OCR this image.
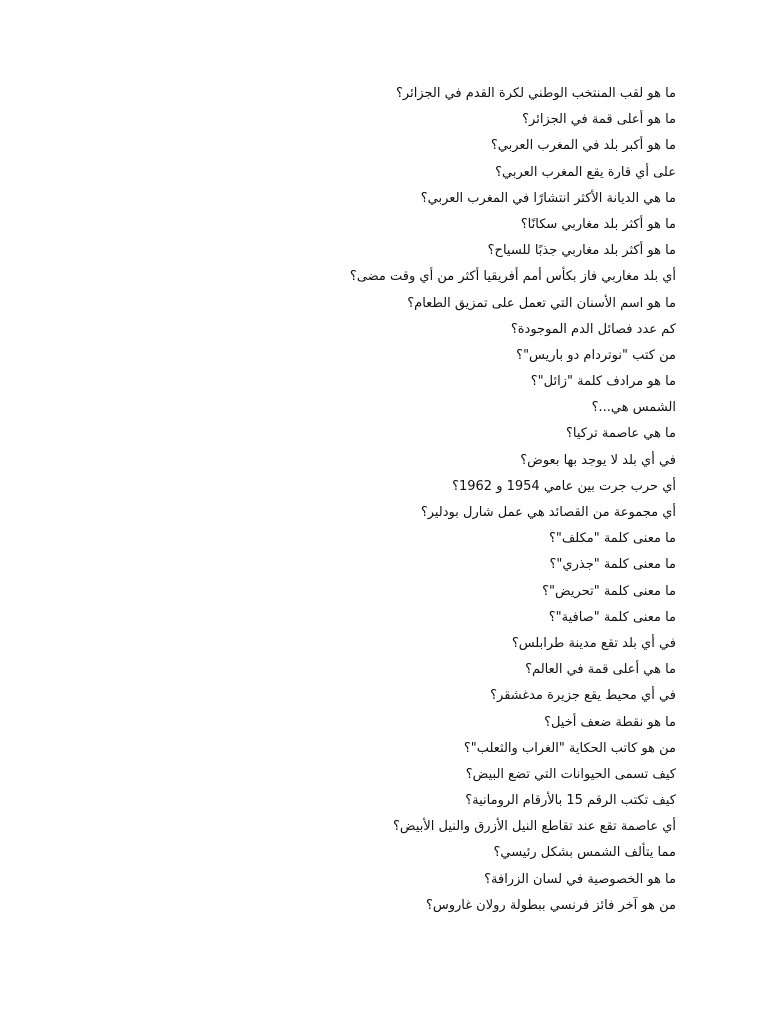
ما هو لقب المنتخب الوطني لكرة القدم في الجزائر؟
ما هو أعلى قمة في الجزائر؟
ما هو أكبر بلد في المغرب العربي؟
على أي قارة يقع المغرب العربي؟
ما هي الديانة الأكثر انتشارًا في المغرب العربي؟
ما هو أكثر بلد مغاربي سكانًا؟
ما هو أكثر بلد مغاربي جذبًا للسياح؟
أي بلد مغاربي فاز بكأس أمم أفريقيا أكثر من أي وقت مضى؟
ما هو اسم الأسنان التي تعمل على تمزيق الطعام؟
كم عدد فصائل الدم الموجودة؟
من كتب "نوتردام دو باريس"؟
ما هو مرادف كلمة "زائل"؟
الشمس هي...؟
ما هي عاصمة تركيا؟
في أي بلد لا يوجد بها بعوض؟
أي حرب جرت بين عامي 1954 و 1962؟
أي مجموعة من القصائد هي عمل شارل بودلير؟
ما معنى كلمة "مكلف"؟
ما معنى كلمة "جذري"؟
ما معنى كلمة "تحريض"؟
ما معنى كلمة "صافية"؟
في أي بلد تقع مدينة طرابلس؟
ما هي أعلى قمة في العالم؟
في أي محيط يقع جزيرة مدغشقر؟
ما هو نقطة ضعف أخيل؟
من هو كاتب الحكاية "الغراب والثعلب"؟
كيف تسمى الحيوانات التي تضع البيض؟
كيف تكتب الرقم 15 بالأرقام الرومانية؟
أي عاصمة تقع عند تقاطع النيل الأزرق والنيل الأبيض؟
مما يتألف الشمس بشكل رئيسي؟
ما هو الخصوصية في لسان الزرافة؟
من هو آخر فائز فرنسي ببطولة رولان غاروس؟
